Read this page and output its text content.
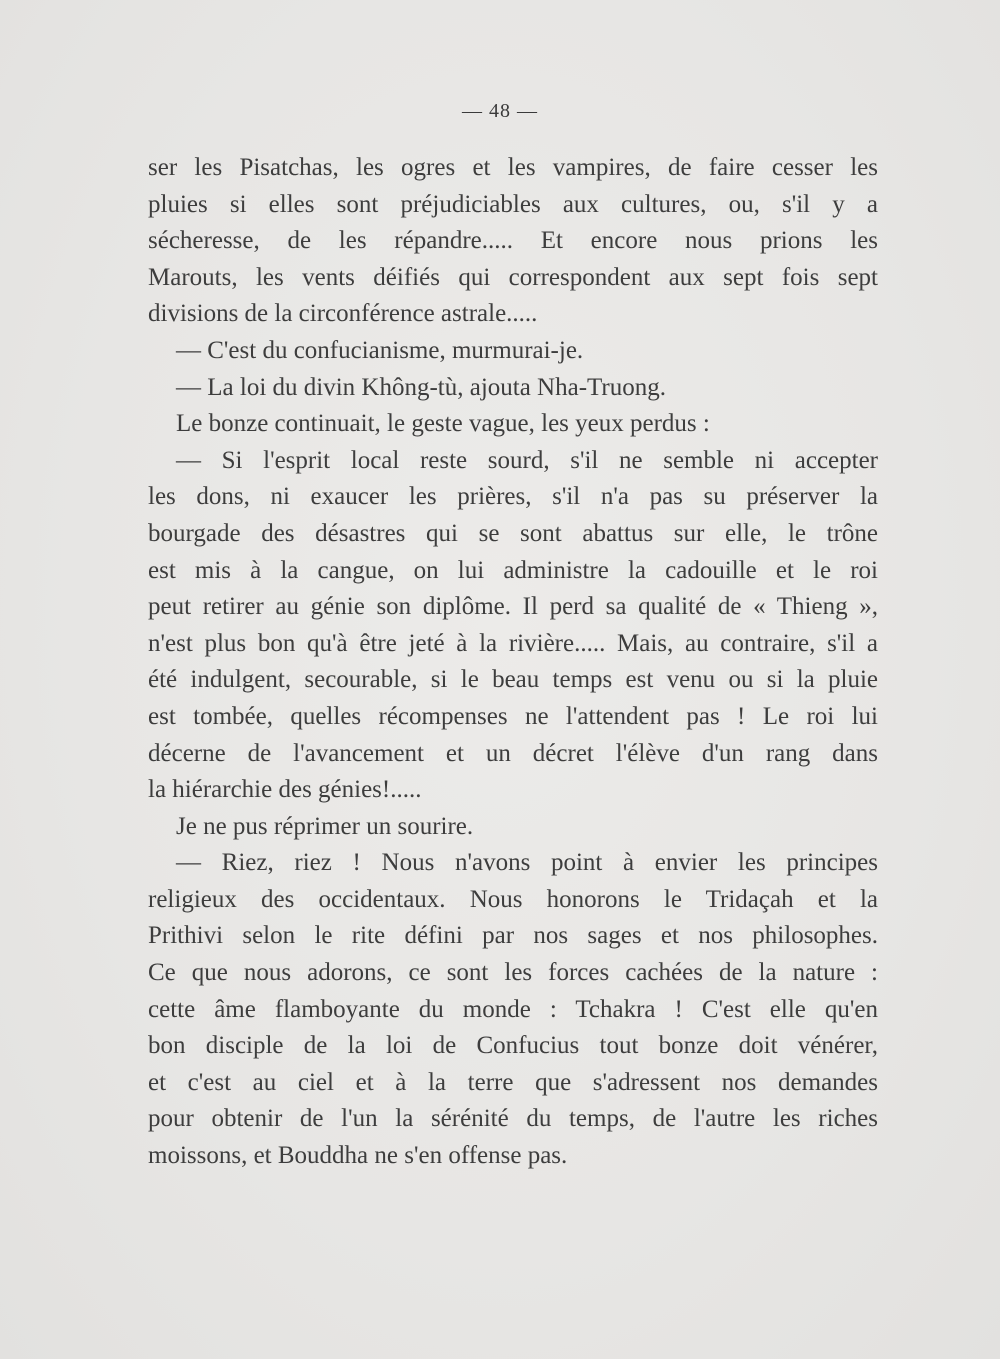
— 48 —
ser les Pisatchas, les ogres et les vampires, de faire cesser les
pluies si elles sont préjudiciables aux cultures, ou, s'il y a
sécheresse, de les répandre..... Et encore nous prions les
Marouts, les vents déifiés qui correspondent aux sept fois sept
divisions de la circonférence astrale.....
— C'est du confucianisme, murmurai-je.
— La loi du divin Không-tù, ajouta Nha-Truong.
Le bonze continuait, le geste vague, les yeux perdus :
— Si l'esprit local reste sourd, s'il ne semble ni accepter
les dons, ni exaucer les prières, s'il n'a pas su préserver la
bourgade des désastres qui se sont abattus sur elle, le trône
est mis à la cangue, on lui administre la cadouille et le roi
peut retirer au génie son diplôme. Il perd sa qualité de « Thieng »,
n'est plus bon qu'à être jeté à la rivière..... Mais, au contraire, s'il a
été indulgent, secourable, si le beau temps est venu ou si la pluie
est tombée, quelles récompenses ne l'attendent pas ! Le roi lui
décerne de l'avancement et un décret l'élève d'un rang dans
la hiérarchie des génies!.....
Je ne pus réprimer un sourire.
— Riez, riez ! Nous n'avons point à envier les principes
religieux des occidentaux. Nous honorons le Tridaçah et la
Prithivi selon le rite défini par nos sages et nos philosophes.
Ce que nous adorons, ce sont les forces cachées de la nature :
cette âme flamboyante du monde : Tchakra ! C'est elle qu'en
bon disciple de la loi de Confucius tout bonze doit vénérer,
et c'est au ciel et à la terre que s'adressent nos demandes
pour obtenir de l'un la sérénité du temps, de l'autre les riches
moissons, et Bouddha ne s'en offense pas.
